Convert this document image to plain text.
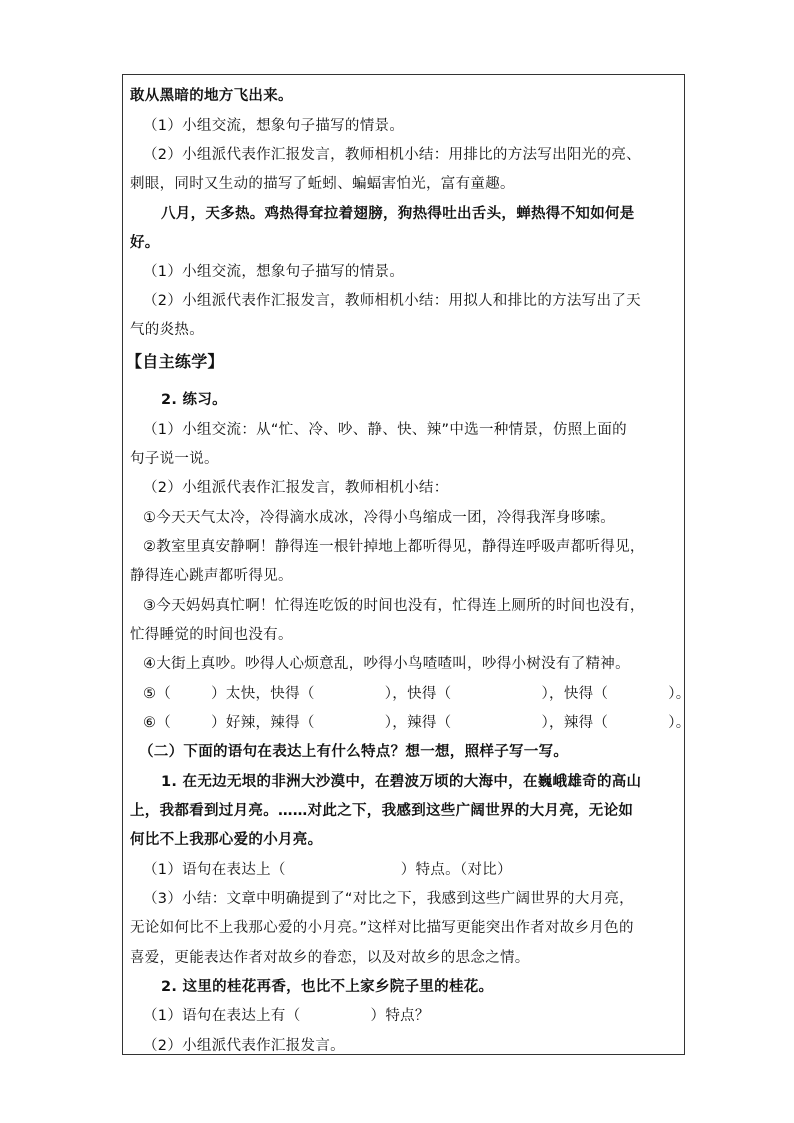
敢从黑暗的地方飞出来。
（1）小组交流，想象句子描写的情景。
（2）小组派代表作汇报发言，教师相机小结：用排比的方法写出阳光的亮、
刺眼，同时又生动的描写了蚯蚓、蝙蝠害怕光，富有童趣。
八月，天多热。鸡热得耷拉着翅膀，狗热得吐出舌头，蝉热得不知如何是
好。
（1）小组交流，想象句子描写的情景。
（2）小组派代表作汇报发言，教师相机小结：用拟人和排比的方法写出了天
气的炎热。
【自主练学】
2. 练习。
（1）小组交流：从“忙、冷、吵、静、快、辣”中选一种情景，仿照上面的
句子说一说。
（2）小组派代表作汇报发言，教师相机小结：
①今天天气太冷，冷得滴水成冰，冷得小鸟缩成一团，冷得我浑身哆嗦。
②教室里真安静啊！静得连一根针掉地上都听得见，静得连呼吸声都听得见，
静得连心跳声都听得见。
③今天妈妈真忙啊！忙得连吃饭的时间也没有，忙得连上厕所的时间也没有，
忙得睡觉的时间也没有。
④大街上真吵。吵得人心烦意乱，吵得小鸟喳喳叫，吵得小树没有了精神。
⑤（	）太快，快得（	），快得（	），快得（	）。
⑥（	）好辣，辣得（	），辣得（	），辣得（	）。
（二）下面的语句在表达上有什么特点？想一想，照样子写一写。
1. 在无边无垠的非洲大沙漠中，在碧波万顷的大海中，在巍峨雄奇的高山
上，我都看到过月亮。……对此之下，我感到这些广阔世界的大月亮，无论如
何比不上我那心爱的小月亮。
（1）语句在表达上（	）特点。（对比）
（3）小结：文章中明确提到了“对比之下，我感到这些广阔世界的大月亮，
无论如何比不上我那心爱的小月亮。”这样对比描写更能突出作者对故乡月色的
喜爱，更能表达作者对故乡的眷恋，以及对故乡的思念之情。
2. 这里的桂花再香，也比不上家乡院子里的桂花。
（1）语句在表达上有（	）特点？
（2）小组派代表作汇报发言。
